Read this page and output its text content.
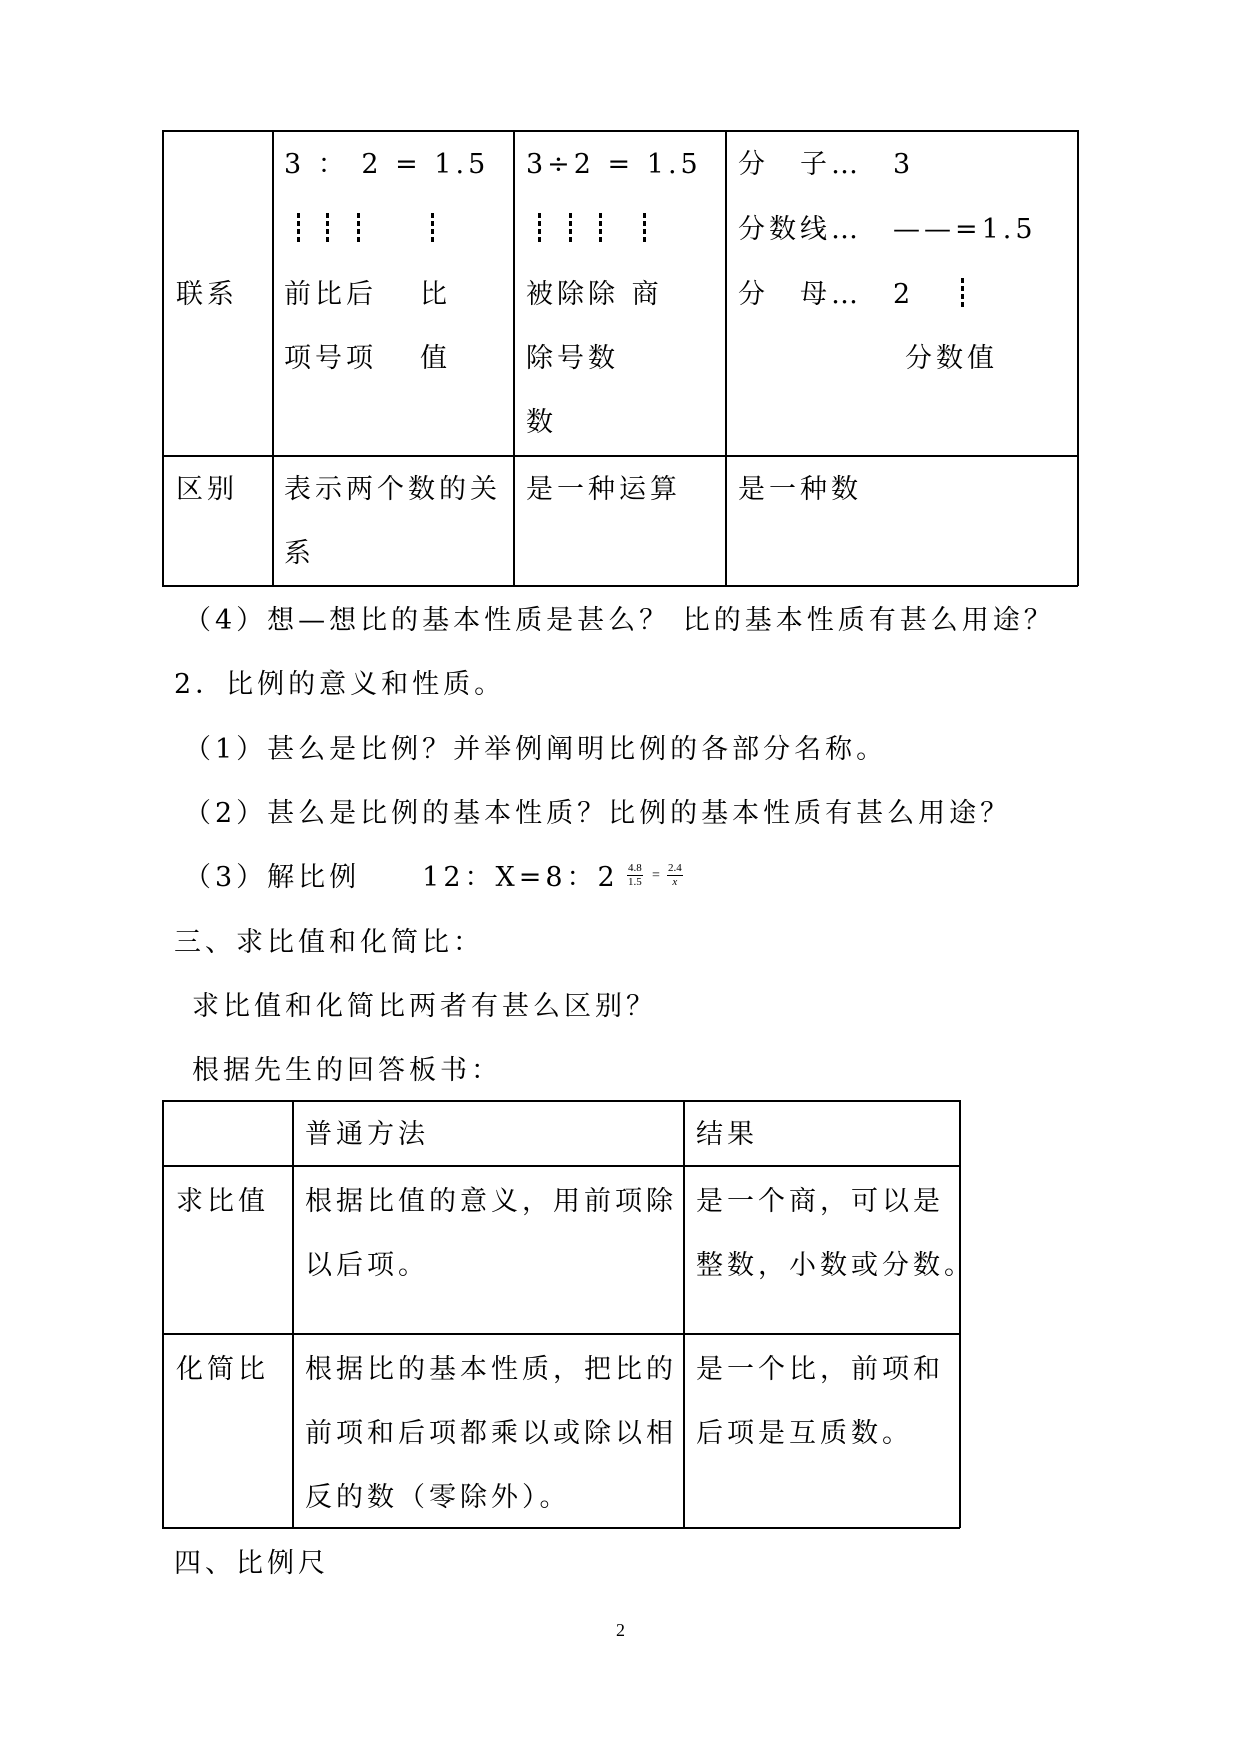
联系
3 ： 2 = 1.5
前比后 比
项号项 值
3÷2 = 1.5
被除除 商
除号数
数
分　子…　3
分数线…　——=1.5
分　母…　2
分数值
区别 表示两个数的关
系
是一种运算 是一种数
（4）想—想比的基本性质是甚么？ 比的基本性质有甚么用途？
2．比例的意义和性质。
（1）甚么是比例？并举例阐明比例的各部分名称。
（2）甚么是比例的基本性质？比例的基本性质有甚么用途？
（3）解比例　　12：X=8：$2 \frac{4.8}{1.5} = \frac{2.4}{x}$
三、求比值和化简比：
求比值和化简比两者有甚么区别？
根据先生的回答板书：
普通方法	结果
求比值 根据比值的意义，用前项除
以后项。
是一个商，可以是
整数，小数或分数。
化简比 根据比的基本性质，把比的
前项和后项都乘以或除以相
反的数（零除外）。
是一个比，前项和
后项是互质数。
四、比例尺
2
